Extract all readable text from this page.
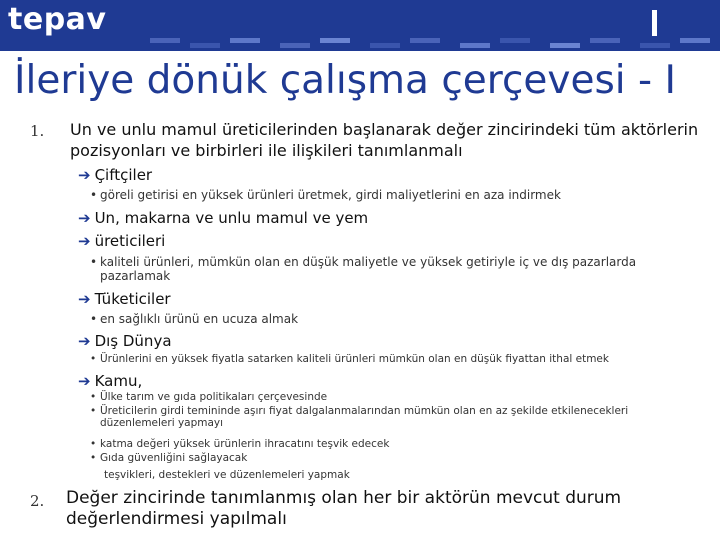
tepav
İleriye dönük çalışma çerçevesi - I
1. Un ve unlu mamul üreticilerinden başlanarak değer zincirindeki tüm aktörlerin pozisyonları ve birbirleri ile ilişkileri tanımlanmalı
➔ Çiftçiler
• göreli getirisi en yüksek ürünleri üretmek, girdi maliyetlerini en aza indirmek
➔ Un, makarna ve unlu mamul ve yem
➔ üreticileri
• kaliteli ürünleri, mümkün olan en düşük maliyetle ve yüksek getiriyle iç ve dış pazarlarda pazarlamak
➔ Tüketiciler
• en sağlıklı ürünü en ucuza almak
➔ Dış Dünya
• Ürünlerini en yüksek fiyatla satarken kaliteli ürünleri mümkün olan en düşük fiyattan ithal etmek
➔ Kamu,
• Ülke tarım ve gıda politikaları çerçevesinde
• Üreticilerin girdi temininde aşırı fiyat dalgalanmalarından mümkün olan en az şekilde etkilenecekleri düzenlemeleri yapmayı
• katma değeri yüksek ürünlerin ihracatını teşvik edecek
• Gıda güvenliğini sağlayacak
teşvikleri, destekleri ve düzenlemeleri yapmak
2. Değer zincirinde tanımlanmış olan her bir aktörün mevcut durum değerlendirmesi yapılmalı
